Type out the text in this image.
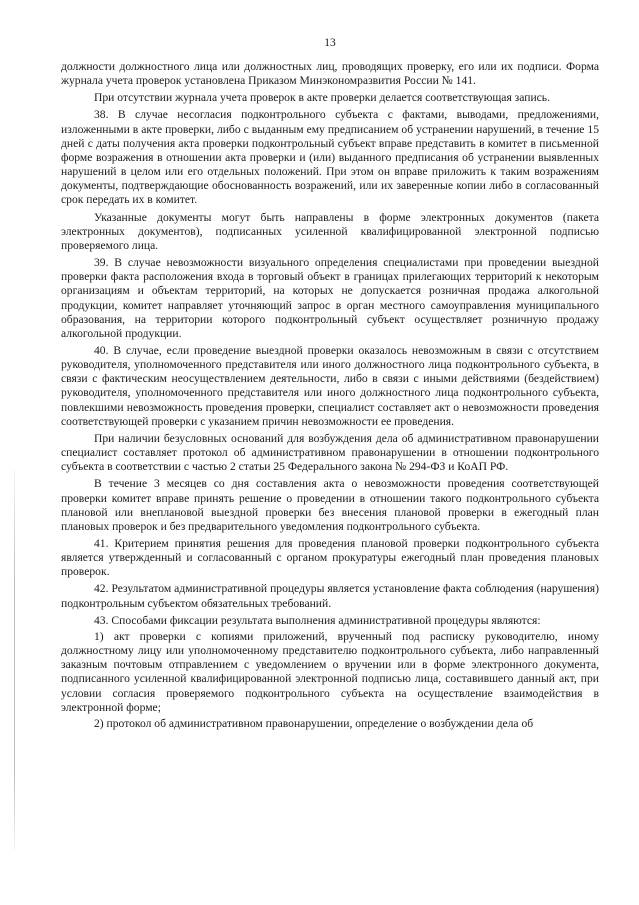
13

должности должностного лица или должностных лиц, проводящих проверку, его или их подписи. Форма журнала учета проверок установлена Приказом Минэкономразвития России № 141.

При отсутствии журнала учета проверок в акте проверки делается соответствующая запись.

38. В случае несогласия подконтрольного субъекта с фактами, выводами, предложениями, изложенными в акте проверки, либо с выданным ему предписанием об устранении нарушений, в течение 15 дней с даты получения акта проверки подконтрольный субъект вправе представить в комитет в письменной форме возражения в отношении акта проверки и (или) выданного предписания об устранении выявленных нарушений в целом или его отдельных положений. При этом он вправе приложить к таким возражениям документы, подтверждающие обоснованность возражений, или их заверенные копии либо в согласованный срок передать их в комитет.

Указанные документы могут быть направлены в форме электронных документов (пакета электронных документов), подписанных усиленной квалифицированной электронной подписью проверяемого лица.

39. В случае невозможности визуального определения специалистами при проведении выездной проверки факта расположения входа в торговый объект в границах прилегающих территорий к некоторым организациям и объектам территорий, на которых не допускается розничная продажа алкогольной продукции, комитет направляет уточняющий запрос в орган местного самоуправления муниципального образования, на территории которого подконтрольный субъект осуществляет розничную продажу алкогольной продукции.

40. В случае, если проведение выездной проверки оказалось невозможным в связи с отсутствием руководителя, уполномоченного представителя или иного должностного лица подконтрольного субъекта, в связи с фактическим неосуществлением деятельности, либо в связи с иными действиями (бездействием) руководителя, уполномоченного представителя или иного должностного лица подконтрольного субъекта, повлекшими невозможность проведения проверки, специалист составляет акт о невозможности проведения соответствующей проверки с указанием причин невозможности ее проведения.

При наличии безусловных оснований для возбуждения дела об административном правонарушении специалист составляет протокол об административном правонарушении в отношении подконтрольного субъекта в соответствии с частью 2 статьи 25 Федерального закона № 294-ФЗ и КоАП РФ.

В течение 3 месяцев со дня составления акта о невозможности проведения соответствующей проверки комитет вправе принять решение о проведении в отношении такого подконтрольного субъекта плановой или внеплановой выездной проверки без внесения плановой проверки в ежегодный план плановых проверок и без предварительного уведомления подконтрольного субъекта.

41. Критерием принятия решения для проведения плановой проверки подконтрольного субъекта является утвержденный и согласованный с органом прокуратуры ежегодный план проведения плановых проверок.

42. Результатом административной процедуры является установление факта соблюдения (нарушения) подконтрольным субъектом обязательных требований.

43. Способами фиксации результата выполнения административной процедуры являются:

1) акт проверки с копиями приложений, врученный под расписку руководителю, иному должностному лицу или уполномоченному представителю подконтрольного субъекта, либо направленный заказным почтовым отправлением с уведомлением о вручении или в форме электронного документа, подписанного усиленной квалифицированной электронной подписью лица, составившего данный акт, при условии согласия проверяемого подконтрольного субъекта на осуществление взаимодействия в электронной форме;

2) протокол об административном правонарушении, определение о возбуждении дела об
